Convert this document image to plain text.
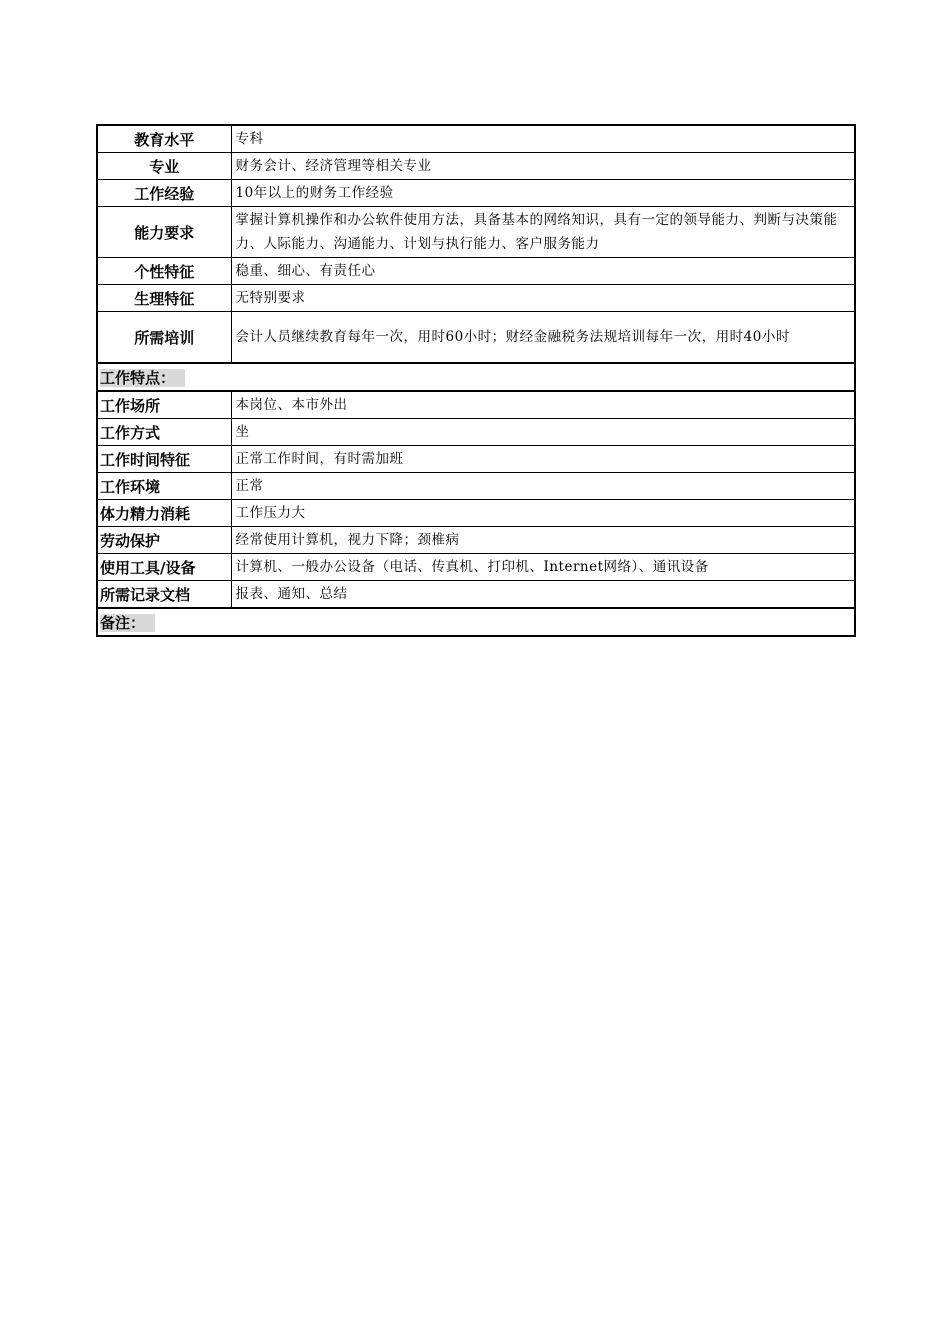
教育水平	专科
专业	财务会计、经济管理等相关专业
工作经验	10年以上的财务工作经验
能力要求	掌握计算机操作和办公软件使用方法，具备基本的网络知识，具有一定的领导能力、判断与决策能力、人际能力、沟通能力、计划与执行能力、客户服务能力
个性特征	稳重、细心、有责任心
生理特征	无特别要求
所需培训	会计人员继续教育每年一次，用时60小时；财经金融税务法规培训每年一次，用时40小时
工作特点：	
工作场所	本岗位、本市外出
工作方式	坐
工作时间特征	正常工作时间，有时需加班
工作环境	正常
体力精力消耗	工作压力大
劳动保护	经常使用计算机，视力下降；颈椎病
使用工具/设备	计算机、一般办公设备（电话、传真机、打印机、Internet网络）、通讯设备
所需记录文档	报表、通知、总结
备注：	
